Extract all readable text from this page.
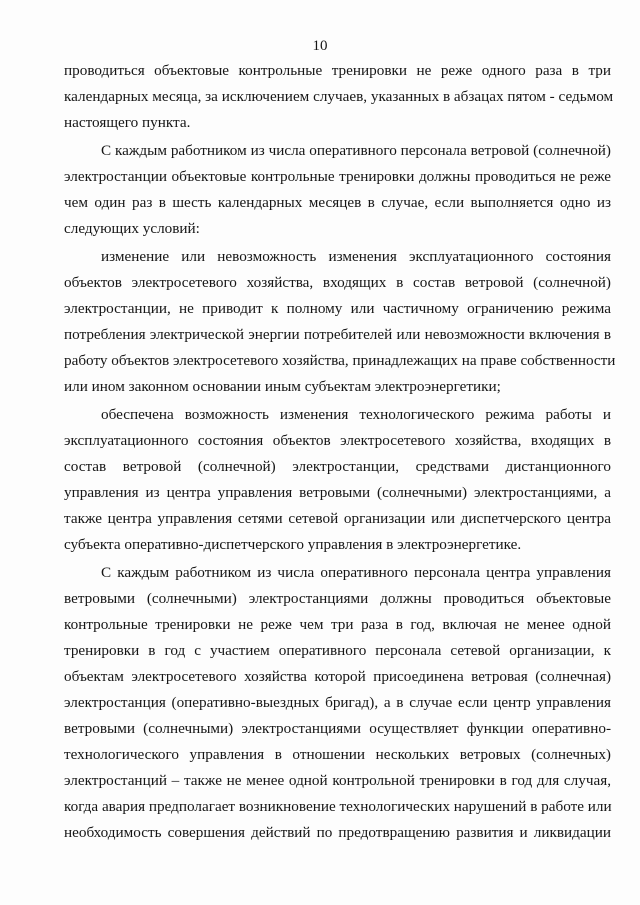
10
проводиться объектовые контрольные тренировки не реже одного раза в три
календарных месяца, за исключением случаев, указанных в абзацах пятом - седьмом
настоящего пункта.
С каждым работником из числа оперативного персонала ветровой (солнечной)
электростанции объектовые контрольные тренировки должны проводиться не реже
чем один раз в шесть календарных месяцев в случае, если выполняется одно из
следующих условий:
изменение или невозможность изменения эксплуатационного состояния
объектов электросетевого хозяйства, входящих в состав ветровой (солнечной)
электростанции, не приводит к полному или частичному ограничению режима
потребления электрической энергии потребителей или невозможности включения в
работу объектов электросетевого хозяйства, принадлежащих на праве собственности
или ином законном основании иным субъектам электроэнергетики;
обеспечена возможность изменения технологического режима работы и
эксплуатационного состояния объектов электросетевого хозяйства, входящих в
состав ветровой (солнечной) электростанции, средствами дистанционного
управления из центра управления ветровыми (солнечными) электростанциями, а
также центра управления сетями сетевой организации или диспетчерского центра
субъекта оперативно-диспетчерского управления в электроэнергетике.
С каждым работником из числа оперативного персонала центра управления
ветровыми (солнечными) электростанциями должны проводиться объектовые
контрольные тренировки не реже чем три раза в год, включая не менее одной
тренировки в год с участием оперативного персонала сетевой организации, к
объектам электросетевого хозяйства которой присоединена ветровая (солнечная)
электростанция (оперативно-выездных бригад), а в случае если центр управления
ветровыми (солнечными) электростанциями осуществляет функции оперативно-
технологического управления в отношении нескольких ветровых (солнечных)
электростанций – также не менее одной контрольной тренировки в год для случая,
когда авария предполагает возникновение технологических нарушений в работе или
необходимость совершения действий по предотвращению развития и ликвидации
